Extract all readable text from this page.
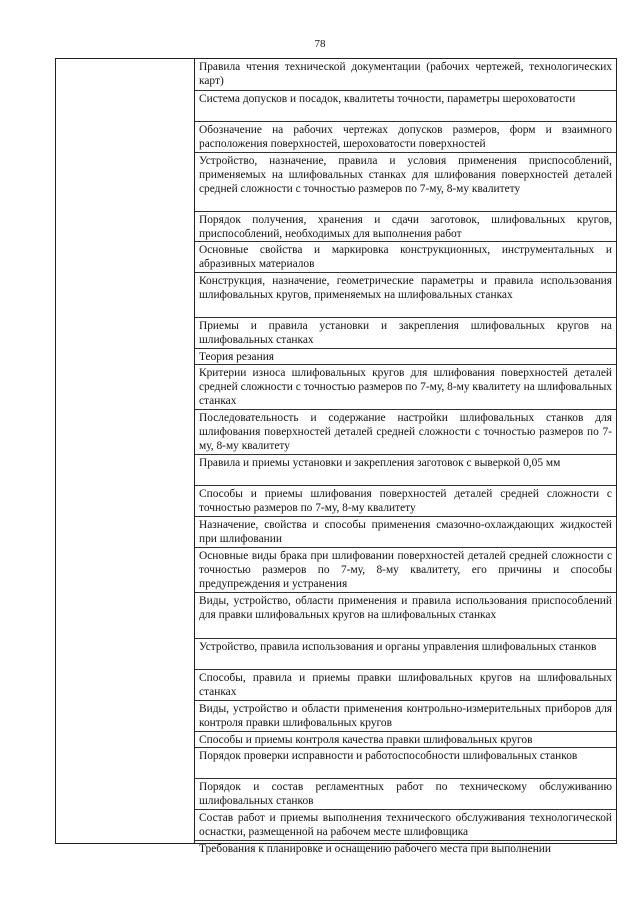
78
Правила чтения технической документации (рабочих чертежей, технологических карт)
Система допусков и посадок, квалитеты точности, параметры шероховатости
Обозначение на рабочих чертежах допусков размеров, форм и взаимного расположения поверхностей, шероховатости поверхностей
Устройство, назначение, правила и условия применения приспособлений, применяемых на шлифовальных станках для шлифования поверхностей деталей средней сложности с точностью размеров по 7-му, 8-му квалитету
Порядок получения, хранения и сдачи заготовок, шлифовальных кругов, приспособлений, необходимых для выполнения работ
Основные свойства и маркировка конструкционных, инструментальных и абразивных материалов
Конструкция, назначение, геометрические параметры и правила использования шлифовальных кругов, применяемых на шлифовальных станках
Приемы и правила установки и закрепления шлифовальных кругов на шлифовальных станках
Теория резания
Критерии износа шлифовальных кругов для шлифования поверхностей деталей средней сложности с точностью размеров по 7-му, 8-му квалитету на шлифовальных станках
Последовательность и содержание настройки шлифовальных станков для шлифования поверхностей деталей средней сложности с точностью размеров по 7-му, 8-му квалитету
Правила и приемы установки и закрепления заготовок с выверкой 0,05 мм
Способы и приемы шлифования поверхностей деталей средней сложности с точностью размеров по 7-му, 8-му квалитету
Назначение, свойства и способы применения смазочно-охлаждающих жидкостей при шлифовании
Основные виды брака при шлифовании поверхностей деталей средней сложности с точностью размеров по 7-му, 8-му квалитету, его причины и способы предупреждения и устранения
Виды, устройство, области применения и правила использования приспособлений для правки шлифовальных кругов на шлифовальных станках
Устройство, правила использования и органы управления шлифовальных станков
Способы, правила и приемы правки шлифовальных кругов на шлифовальных станках
Виды, устройство и области применения контрольно-измерительных приборов для контроля правки шлифовальных кругов
Способы и приемы контроля качества правки шлифовальных кругов
Порядок проверки исправности и работоспособности шлифовальных станков
Порядок и состав регламентных работ по техническому обслуживанию шлифовальных станков
Состав работ и приемы выполнения технического обслуживания технологической оснастки, размещенной на рабочем месте шлифовщика
Требования к планировке и оснащению рабочего места при выполнении
